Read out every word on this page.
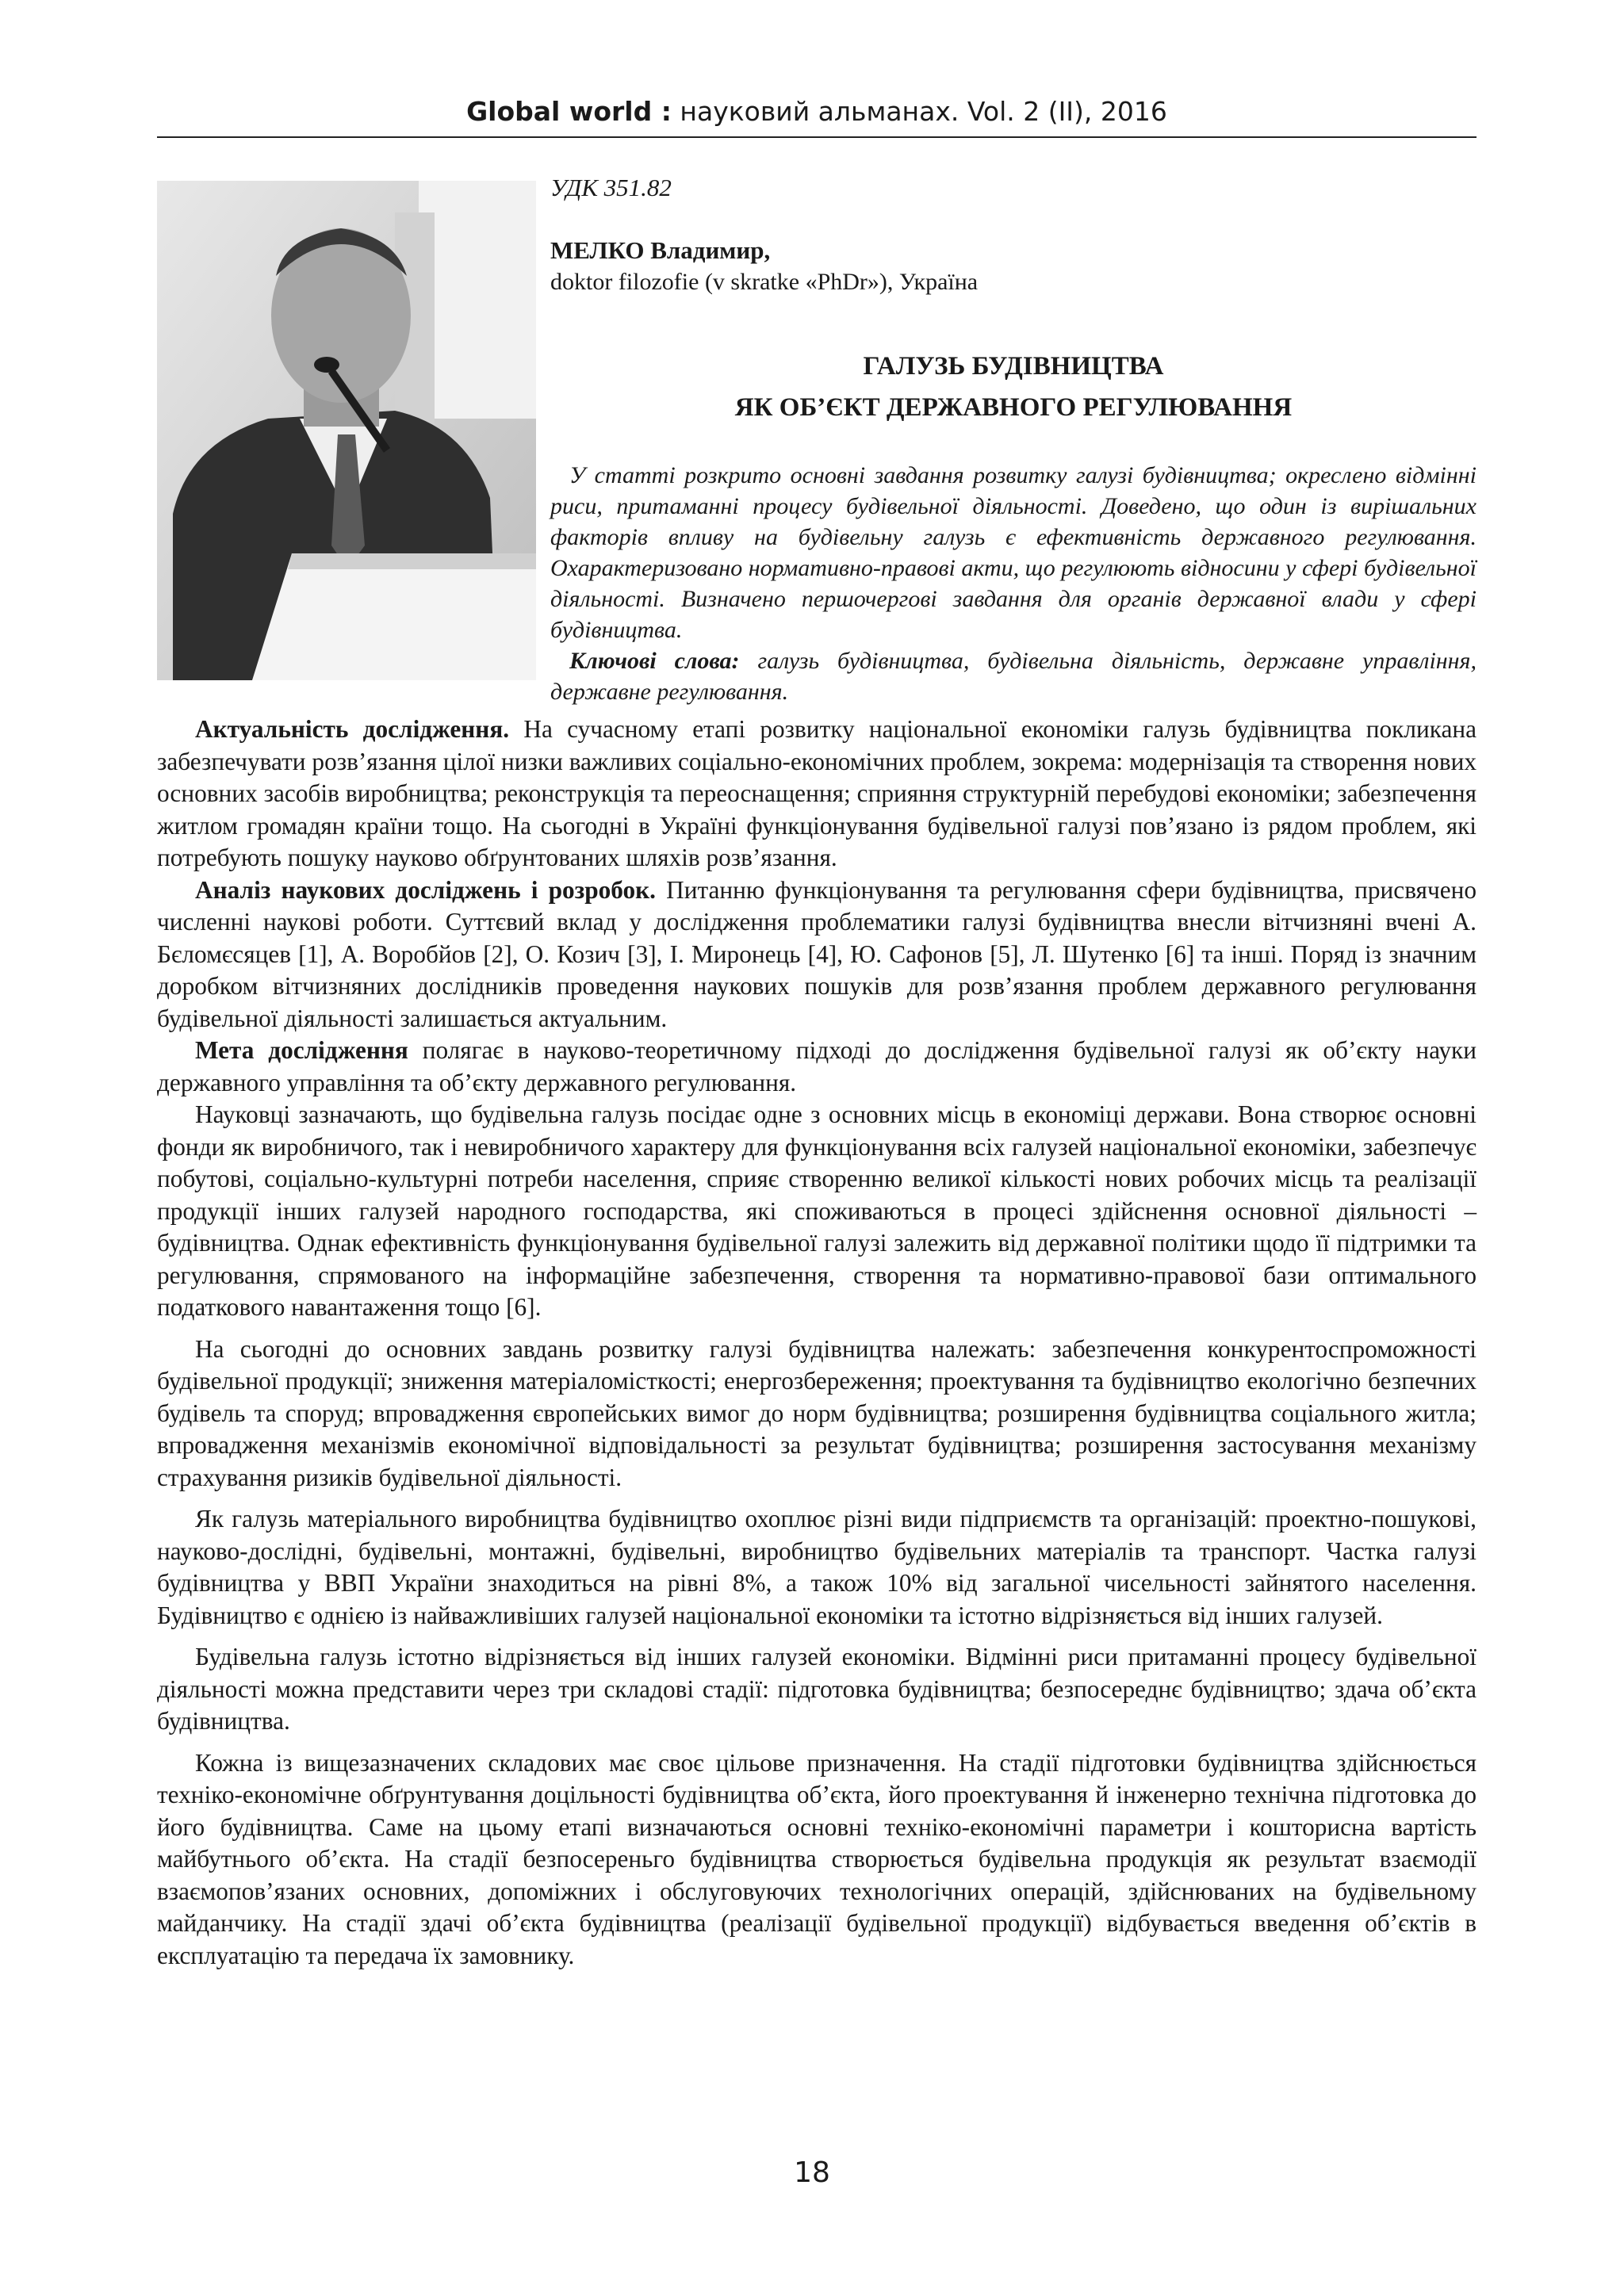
Global world : науковий альманах. Vol. 2 (II), 2016
УДК 351.82
МЕЛКО Владимир,
doktor filozofie (v skratke «PhDr»), Україна
ГАЛУЗЬ БУДІВНИЦТВА
ЯК ОБ’ЄКТ ДЕРЖАВНОГО РЕГУЛЮВАННЯ
У статті розкрито основні завдання розвитку галузі будівництва; окреслено відмінні риси, притаманні процесу будівельної діяльності. Доведено, що один із вирішальних факторів впливу на будівельну галузь є ефективність державного регулювання. Охарактеризовано нормативно-правові акти, що регулюють відносини у сфері будівельної діяльності. Визначено першочергові завдання для органів державної влади у сфері будівництва.
Ключові слова: галузь будівництва, будівельна діяльність, державне управління, державне регулювання.

Актуальність дослідження. На сучасному етапі розвитку національної економіки галузь будівництва покликана забезпечувати розв’язання цілої низки важливих соціально-економічних проблем, зокрема: модернізація та створення нових основних засобів виробництва; реконструкція та переоснащення; сприяння структурній перебудові економіки; забезпечення житлом громадян країни тощо. На сьогодні в Україні функціонування будівельної галузі пов’язано із рядом проблем, які потребують пошуку науково обґрунтованих шляхів розв’язання.

Аналіз наукових досліджень і розробок. Питанню функціонування та регулювання сфери будівництва, присвячено численні наукові роботи. Суттєвий вклад у дослідження проблематики галузі будівництва внесли вітчизняні вчені А. Бєломєсяцев [1], А. Воробйов [2], О. Козич [3], І. Миронець [4], Ю. Сафонов [5], Л. Шутенко [6] та інші. Поряд із значним доробком вітчизняних дослідників проведення наукових пошуків для розв’язання проблем державного регулювання будівельної діяльності залишається актуальним.

Мета дослідження полягає в науково-теоретичному підході до дослідження будівельної галузі як об’єкту науки державного управління та об’єкту державного регулювання.

Науковці зазначають, що будівельна галузь посідає одне з основних місць в економіці держави. Вона створює основні фонди як виробничого, так і невиробничого характеру для функціонування всіх галузей національної економіки, забезпечує побутові, соціально-культурні потреби населення, сприяє створенню великої кількості нових робочих місць та реалізації продукції інших галузей народного господарства, які споживаються в процесі здійснення основної діяльності – будівництва. Однак ефективність функціонування будівельної галузі залежить від державної політики щодо її підтримки та регулювання, спрямованого на інформаційне забезпечення, створення та нормативно-правової бази оптимального податкового навантаження тощо [6].

На сьогодні до основних завдань розвитку галузі будівництва належать: забезпечення конкурентоспроможності будівельної продукції; зниження матеріаломісткості; енергозбереження; проектування та будівництво екологічно безпечних будівель та споруд; впровадження європейських вимог до норм будівництва; розширення будівництва соціального житла; впровадження механізмів економічної відповідальності за результат будівництва; розширення застосування механізму страхування ризиків будівельної діяльності.

Як галузь матеріального виробництва будівництво охоплює різні види підприємств та організацій: проектно-пошукові, науково-дослідні, будівельні, монтажні, будівельні, виробництво будівельних матеріалів та транспорт. Частка галузі будівництва у ВВП України знаходиться на рівні 8%, а також 10% від загальної чисельності зайнятого населення. Будівництво є однією із найважливіших галузей національної економіки та істотно відрізняється від інших галузей.

Будівельна галузь істотно відрізняється від інших галузей економіки. Відмінні риси притаманні процесу будівельної діяльності можна представити через три складові стадії: підготовка будівництва; безпосереднє будівництво; здача об’єкта будівництва.

Кожна із вищезазначених складових має своє цільове призначення. На стадії підготовки будівництва здійснюється техніко-економічне обґрунтування доцільності будівництва об’єкта, його проектування й інженерно технічна підготовка до його будівництва. Саме на цьому етапі визначаються основні техніко-економічні параметри і кошторисна вартість майбутнього об’єкта. На стадії безпосереньго будівництва створюється будівельна продукція як результат взаємодії взаємопов’язаних основних, допоміжних і обслуговуючих технологічних операцій, здійснюваних на будівельному майданчику. На стадії здачі об’єкта будівництва (реалізації будівельної продукції) відбувається введення об’єктів в експлуатацію та передача їх замовнику.

18
